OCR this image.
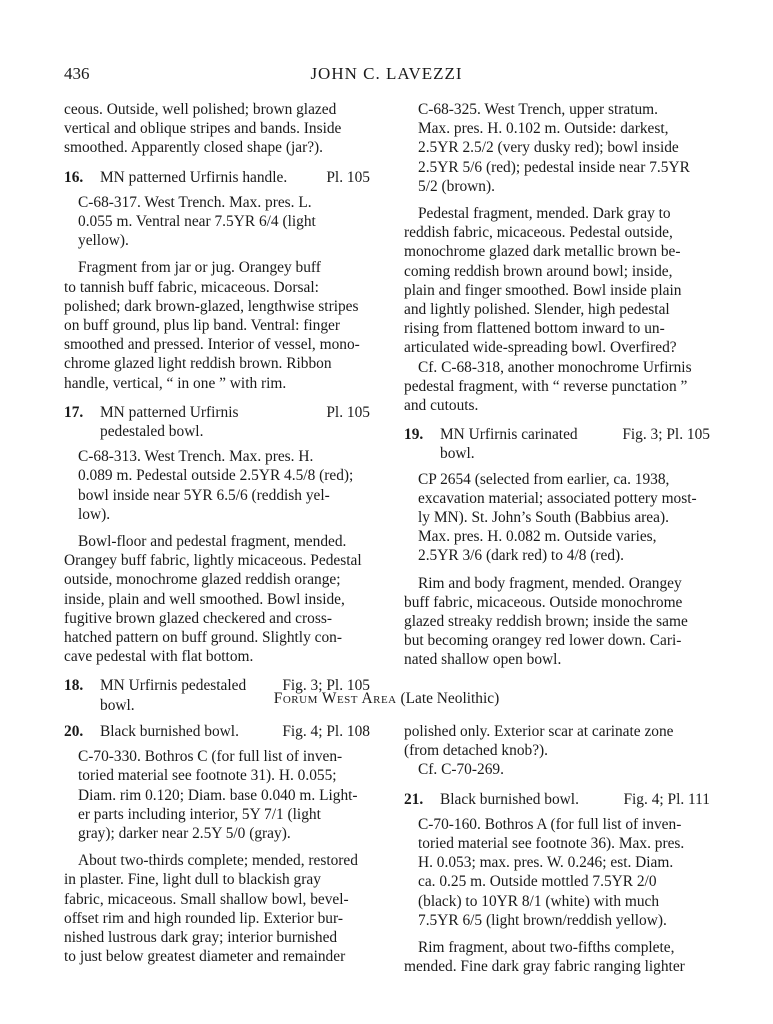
436	JOHN C. LAVEZZI

ceous. Outside, well polished; brown glazed

vertical and oblique stripes and bands. Inside

smoothed. Apparently closed shape (jar?).

16.	MN patterned Urfirnis handle.	Pl. 105

C-68-317. West Trench. Max. pres. L.

0.055 m. Ventral near 7.5YR 6/4 (light

yellow).

Fragment from jar or jug. Orangey buff

to tannish buff fabric, micaceous. Dorsal:

polished; dark brown-glazed, lengthwise stripes

on buff ground, plus lip band. Ventral: finger

smoothed and pressed. Interior of vessel, mono-

chrome glazed light reddish brown. Ribbon

handle, vertical, “ in one ” with rim.

17.	MN patterned Urfirnis	Pl. 105

pedestaled bowl.

C-68-313. West Trench. Max. pres. H.

0.089 m. Pedestal outside 2.5YR 4.5/8 (red);

bowl inside near 5YR 6.5/6 (reddish yel-

low).

Bowl-floor and pedestal fragment, mended.

Orangey buff fabric, lightly micaceous. Pedestal

outside, monochrome glazed reddish orange;

inside, plain and well smoothed. Bowl inside,

fugitive brown glazed checkered and cross-

hatched pattern on buff ground. Slightly con-

cave pedestal with flat bottom.

18.	MN Urfirnis pedestaled	Fig. 3; Pl. 105

bowl.

C-68-325. West Trench, upper stratum.

Max. pres. H. 0.102 m. Outside: darkest,

2.5YR 2.5/2 (very dusky red); bowl inside

2.5YR 5/6 (red); pedestal inside near 7.5YR

5/2 (brown).

Pedestal fragment, mended. Dark gray to

reddish fabric, micaceous. Pedestal outside,

monochrome glazed dark metallic brown be-

coming reddish brown around bowl; inside,

plain and finger smoothed. Bowl inside plain

and lightly polished. Slender, high pedestal

rising from flattened bottom inward to un-

articulated wide-spreading bowl. Overfired?

Cf. C-68-318, another monochrome Urfirnis

pedestal fragment, with “ reverse punctation ”

and cutouts.

19.	MN Urfirnis carinated	Fig. 3; Pl. 105

bowl.

CP 2654 (selected from earlier, ca. 1938,

excavation material; associated pottery most-

ly MN). St. John’s South (Babbius area).

Max. pres. H. 0.082 m. Outside varies,

2.5YR 3/6 (dark red) to 4/8 (red).

Rim and body fragment, mended. Orangey

buff fabric, micaceous. Outside monochrome

glazed streaky reddish brown; inside the same

but becoming orangey red lower down. Cari-

nated shallow open bowl.

Forum West Area (Late Neolithic)
20.	Black burnished bowl.	Fig. 4; Pl. 108

C-70-330. Bothros C (for full list of inven-

toried material see footnote 31). H. 0.055;

Diam. rim 0.120; Diam. base 0.040 m. Light-

er parts including interior, 5Y 7/1 (light

gray); darker near 2.5Y 5/0 (gray).

About two-thirds complete; mended, restored

in plaster. Fine, light dull to blackish gray

fabric, micaceous. Small shallow bowl, bevel-

offset rim and high rounded lip. Exterior bur-

nished lustrous dark gray; interior burnished

to just below greatest diameter and remainder

polished only. Exterior scar at carinate zone

(from detached knob?).

Cf. C-70-269.

21.	Black burnished bowl.	Fig. 4; Pl. 111

C-70-160. Bothros A (for full list of inven-

toried material see footnote 36). Max. pres.

H. 0.053; max. pres. W. 0.246; est. Diam.

ca. 0.25 m. Outside mottled 7.5YR 2/0

(black) to 10YR 8/1 (white) with much

7.5YR 6/5 (light brown/reddish yellow).

Rim fragment, about two-fifths complete,

mended. Fine dark gray fabric ranging lighter
